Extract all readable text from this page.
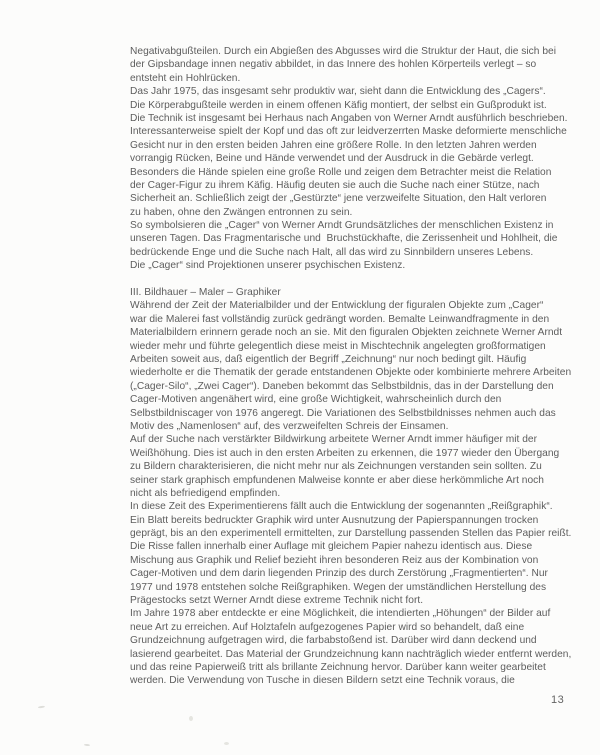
Negativabgußteilen. Durch ein Abgießen des Abgusses wird die Struktur der Haut, die sich bei
der Gipsbandage innen negativ abbildet, in das Innere des hohlen Körperteils verlegt – so
entsteht ein Hohlrücken.
Das Jahr 1975, das insgesamt sehr produktiv war, sieht dann die Entwicklung des „Cagers“.
Die Körperabgußteile werden in einem offenen Käfig montiert, der selbst ein Gußprodukt ist.
Die Technik ist insgesamt bei Herhaus nach Angaben von Werner Arndt ausführlich beschrieben.
Interessanterweise spielt der Kopf und das oft zur leidverzerrten Maske deformierte menschliche
Gesicht nur in den ersten beiden Jahren eine größere Rolle. In den letzten Jahren werden
vorrangig Rücken, Beine und Hände verwendet und der Ausdruck in die Gebärde verlegt.
Besonders die Hände spielen eine große Rolle und zeigen dem Betrachter meist die Relation
der Cager-Figur zu ihrem Käfig. Häufig deuten sie auch die Suche nach einer Stütze, nach
Sicherheit an. Schließlich zeigt der „Gestürzte“ jene verzweifelte Situation, den Halt verloren
zu haben, ohne den Zwängen entronnen zu sein.
So symbolsieren die „Cager“ von Werner Arndt Grundsätzliches der menschlichen Existenz in
unseren Tagen. Das Fragmentarische und  Bruchstückhafte, die Zerissenheit und Hohlheit, die
bedrückende Enge und die Suche nach Halt, all das wird zu Sinnbildern unseres Lebens.
Die „Cager“ sind Projektionen unserer psychischen Existenz.
III. Bildhauer – Maler – Graphiker
Während der Zeit der Materialbilder und der Entwicklung der figuralen Objekte zum „Cager“
war die Malerei fast vollständig zurück gedrängt worden. Bemalte Leinwandfragmente in den
Materialbildern erinnern gerade noch an sie. Mit den figuralen Objekten zeichnete Werner Arndt
wieder mehr und führte gelegentlich diese meist in Mischtechnik angelegten großformatigen
Arbeiten soweit aus, daß eigentlich der Begriff „Zeichnung“ nur noch bedingt gilt. Häufig
wiederholte er die Thematik der gerade entstandenen Objekte oder kombinierte mehrere Arbeiten
(„Cager-Silo“, „Zwei Cager“). Daneben bekommt das Selbstbildnis, das in der Darstellung den
Cager-Motiven angenähert wird, eine große Wichtigkeit, wahrscheinlich durch den
Selbstbildniscager von 1976 angeregt. Die Variationen des Selbstbildnisses nehmen auch das
Motiv des „Namenlosen“ auf, des verzweifelten Schreis der Einsamen.
Auf der Suche nach verstärkter Bildwirkung arbeitete Werner Arndt immer häufiger mit der
Weißhöhung. Dies ist auch in den ersten Arbeiten zu erkennen, die 1977 wieder den Übergang
zu Bildern charakterisieren, die nicht mehr nur als Zeichnungen verstanden sein sollten. Zu
seiner stark graphisch empfundenen Malweise konnte er aber diese herkömmliche Art noch
nicht als befriedigend empfinden.
In diese Zeit des Experimentierens fällt auch die Entwicklung der sogenannten „Reißgraphik“.
Ein Blatt bereits bedruckter Graphik wird unter Ausnutzung der Papierspannungen trocken
geprägt, bis an den experimentell ermittelten, zur Darstellung passenden Stellen das Papier reißt.
Die Risse fallen innerhalb einer Auflage mit gleichem Papier nahezu identisch aus. Diese
Mischung aus Graphik und Relief bezieht ihren besonderen Reiz aus der Kombination von
Cager-Motiven und dem darin liegenden Prinzip des durch Zerstörung „Fragmentierten“. Nur
1977 und 1978 entstehen solche Reißgraphiken. Wegen der umständlichen Herstellung des
Prägestocks setzt Werner Arndt diese extreme Technik nicht fort.
Im Jahre 1978 aber entdeckte er eine Möglichkeit, die intendierten „Höhungen“ der Bilder auf
neue Art zu erreichen. Auf Holztafeln aufgezogenes Papier wird so behandelt, daß eine
Grundzeichnung aufgetragen wird, die farbabstoßend ist. Darüber wird dann deckend und
lasierend gearbeitet. Das Material der Grundzeichnung kann nachträglich wieder entfernt werden,
und das reine Papierweiß tritt als brillante Zeichnung hervor. Darüber kann weiter gearbeitet
werden. Die Verwendung von Tusche in diesen Bildern setzt eine Technik voraus, die
13
